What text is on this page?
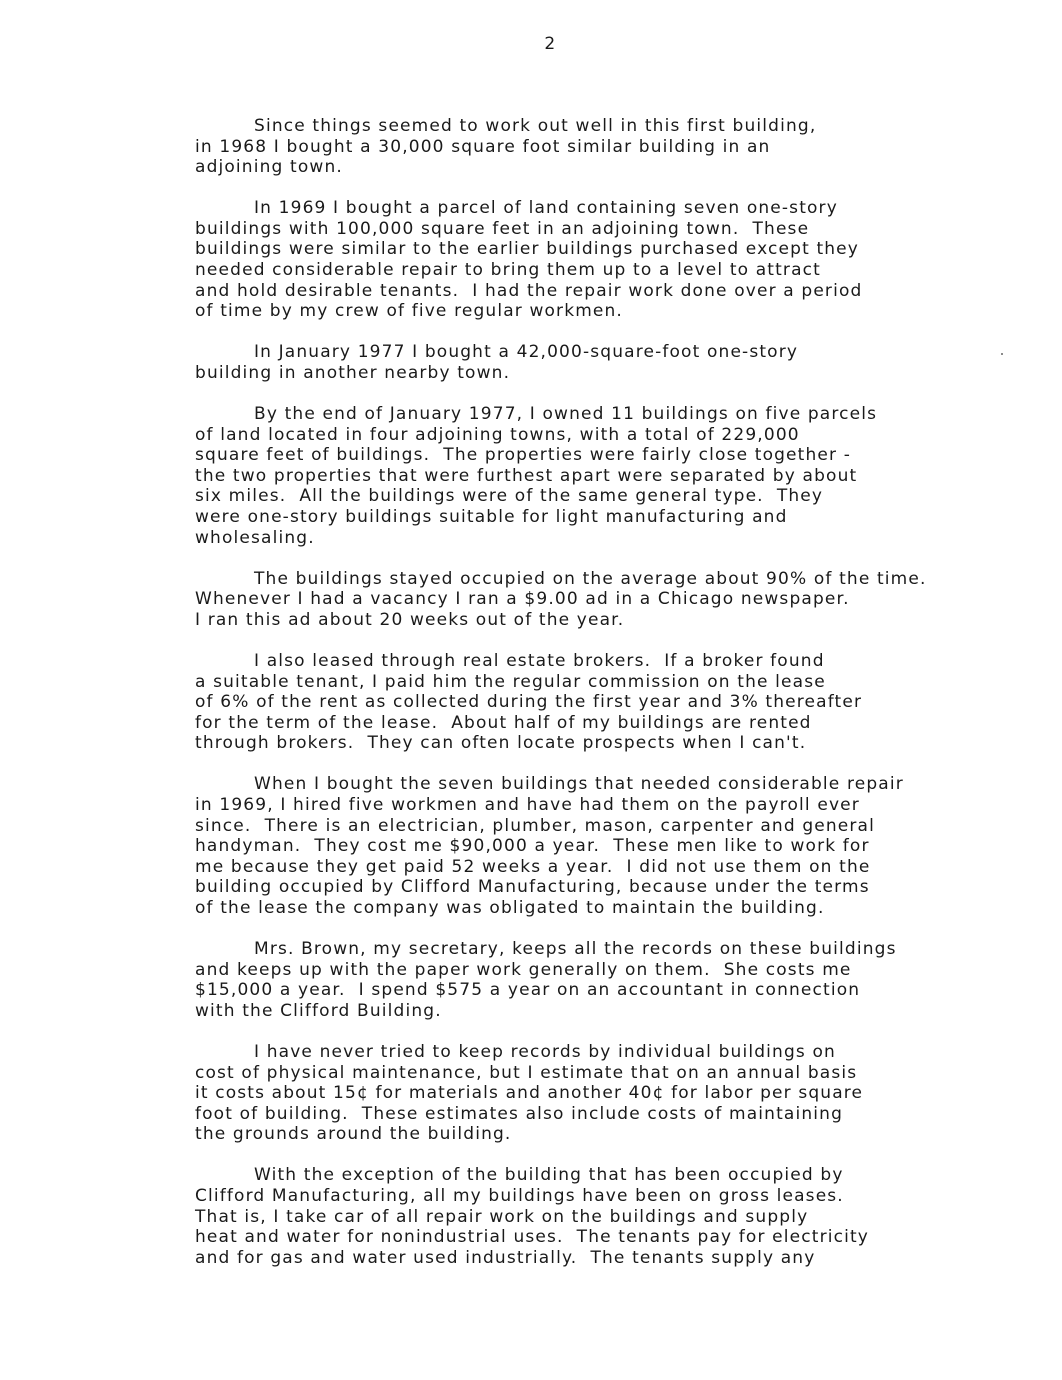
2
Since things seemed to work out well in this first building,
in 1968 I bought a 30,000 square foot similar building in an
adjoining town.
In 1969 I bought a parcel of land containing seven one-story
buildings with 100,000 square feet in an adjoining town.  These
buildings were similar to the earlier buildings purchased except they
needed considerable repair to bring them up to a level to attract
and hold desirable tenants.  I had the repair work done over a period
of time by my crew of five regular workmen.
In January 1977 I bought a 42,000-square-foot one-story
building in another nearby town.
By the end of January 1977, I owned 11 buildings on five parcels
of land located in four adjoining towns, with a total of 229,000
square feet of buildings.  The properties were fairly close together -
the two properties that were furthest apart were separated by about
six miles.  All the buildings were of the same general type.  They
were one-story buildings suitable for light manufacturing and
wholesaling.
The buildings stayed occupied on the average about 90% of the time.
Whenever I had a vacancy I ran a $9.00 ad in a Chicago newspaper.
I ran this ad about 20 weeks out of the year.
I also leased through real estate brokers.  If a broker found
a suitable tenant, I paid him the regular commission on the lease
of 6% of the rent as collected during the first year and 3% thereafter
for the term of the lease.  About half of my buildings are rented
through brokers.  They can often locate prospects when I can't.
When I bought the seven buildings that needed considerable repair
in 1969, I hired five workmen and have had them on the payroll ever
since.  There is an electrician, plumber, mason, carpenter and general
handyman.  They cost me $90,000 a year.  These men like to work for
me because they get paid 52 weeks a year.  I did not use them on the
building occupied by Clifford Manufacturing, because under the terms
of the lease the company was obligated to maintain the building.
Mrs. Brown, my secretary, keeps all the records on these buildings
and keeps up with the paper work generally on them.  She costs me
$15,000 a year.  I spend $575 a year on an accountant in connection
with the Clifford Building.
I have never tried to keep records by individual buildings on
cost of physical maintenance, but I estimate that on an annual basis
it costs about 15¢ for materials and another 40¢ for labor per square
foot of building.  These estimates also include costs of maintaining
the grounds around the building.
With the exception of the building that has been occupied by
Clifford Manufacturing, all my buildings have been on gross leases.
That is, I take car of all repair work on the buildings and supply
heat and water for nonindustrial uses.  The tenants pay for electricity
and for gas and water used industrially.  The tenants supply any
